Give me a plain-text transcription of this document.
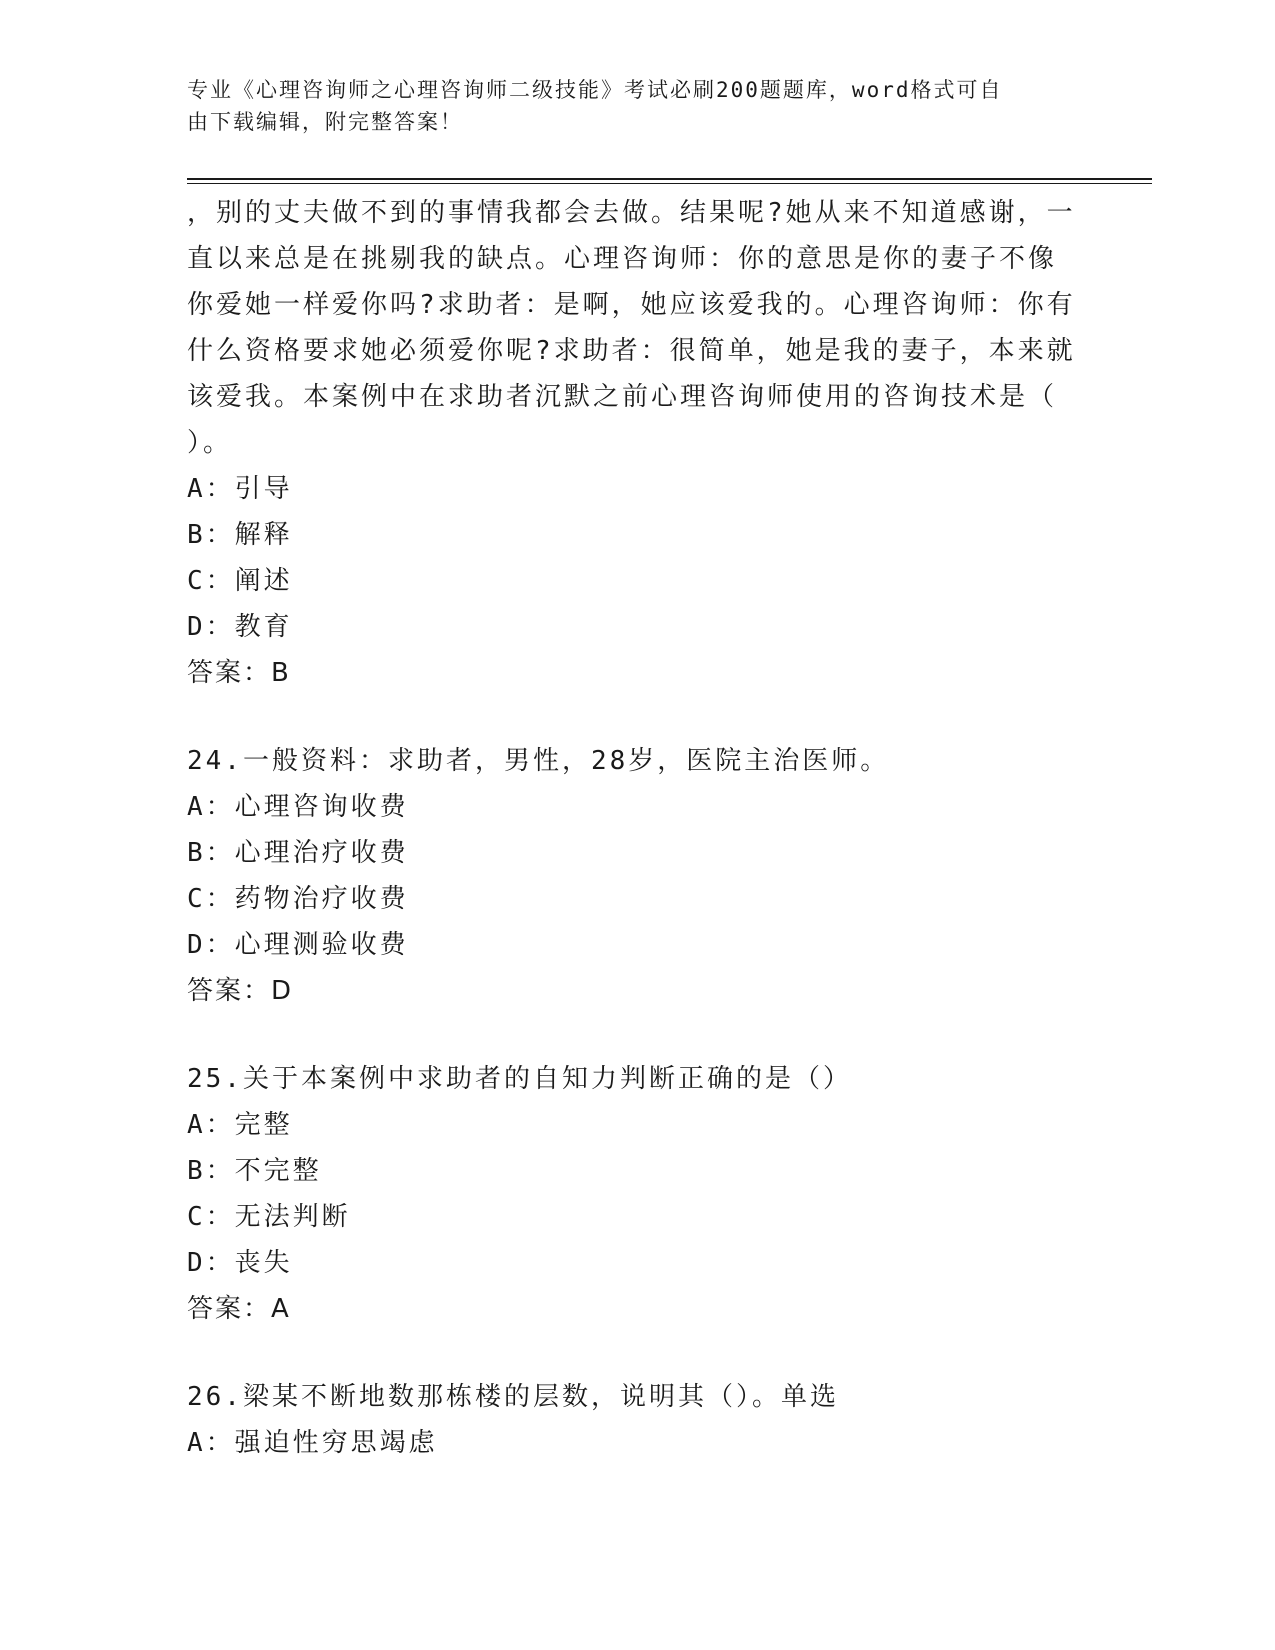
专业《心理咨询师之心理咨询师二级技能》考试必刷200题题库，word格式可自

由下载编辑，附完整答案！

，别的丈夫做不到的事情我都会去做。结果呢?她从来不知道感谢，一

直以来总是在挑剔我的缺点。心理咨询师：你的意思是你的妻子不像

你爱她一样爱你吗?求助者：是啊，她应该爱我的。心理咨询师：你有

什么资格要求她必须爱你呢?求助者：很简单，她是我的妻子，本来就

该爱我。本案例中在求助者沉默之前心理咨询师使用的咨询技术是（

）。

A：引导

B：解释

C：阐述

D：教育

答案：B

24.一般资料：求助者，男性，28岁，医院主治医师。

A：心理咨询收费

B：心理治疗收费

C：药物治疗收费

D：心理测验收费

答案：D

25.关于本案例中求助者的自知力判断正确的是（）

A：完整

B：不完整

C：无法判断

D：丧失

答案：A

26.梁某不断地数那栋楼的层数，说明其（）。单选

A：强迫性穷思竭虑
